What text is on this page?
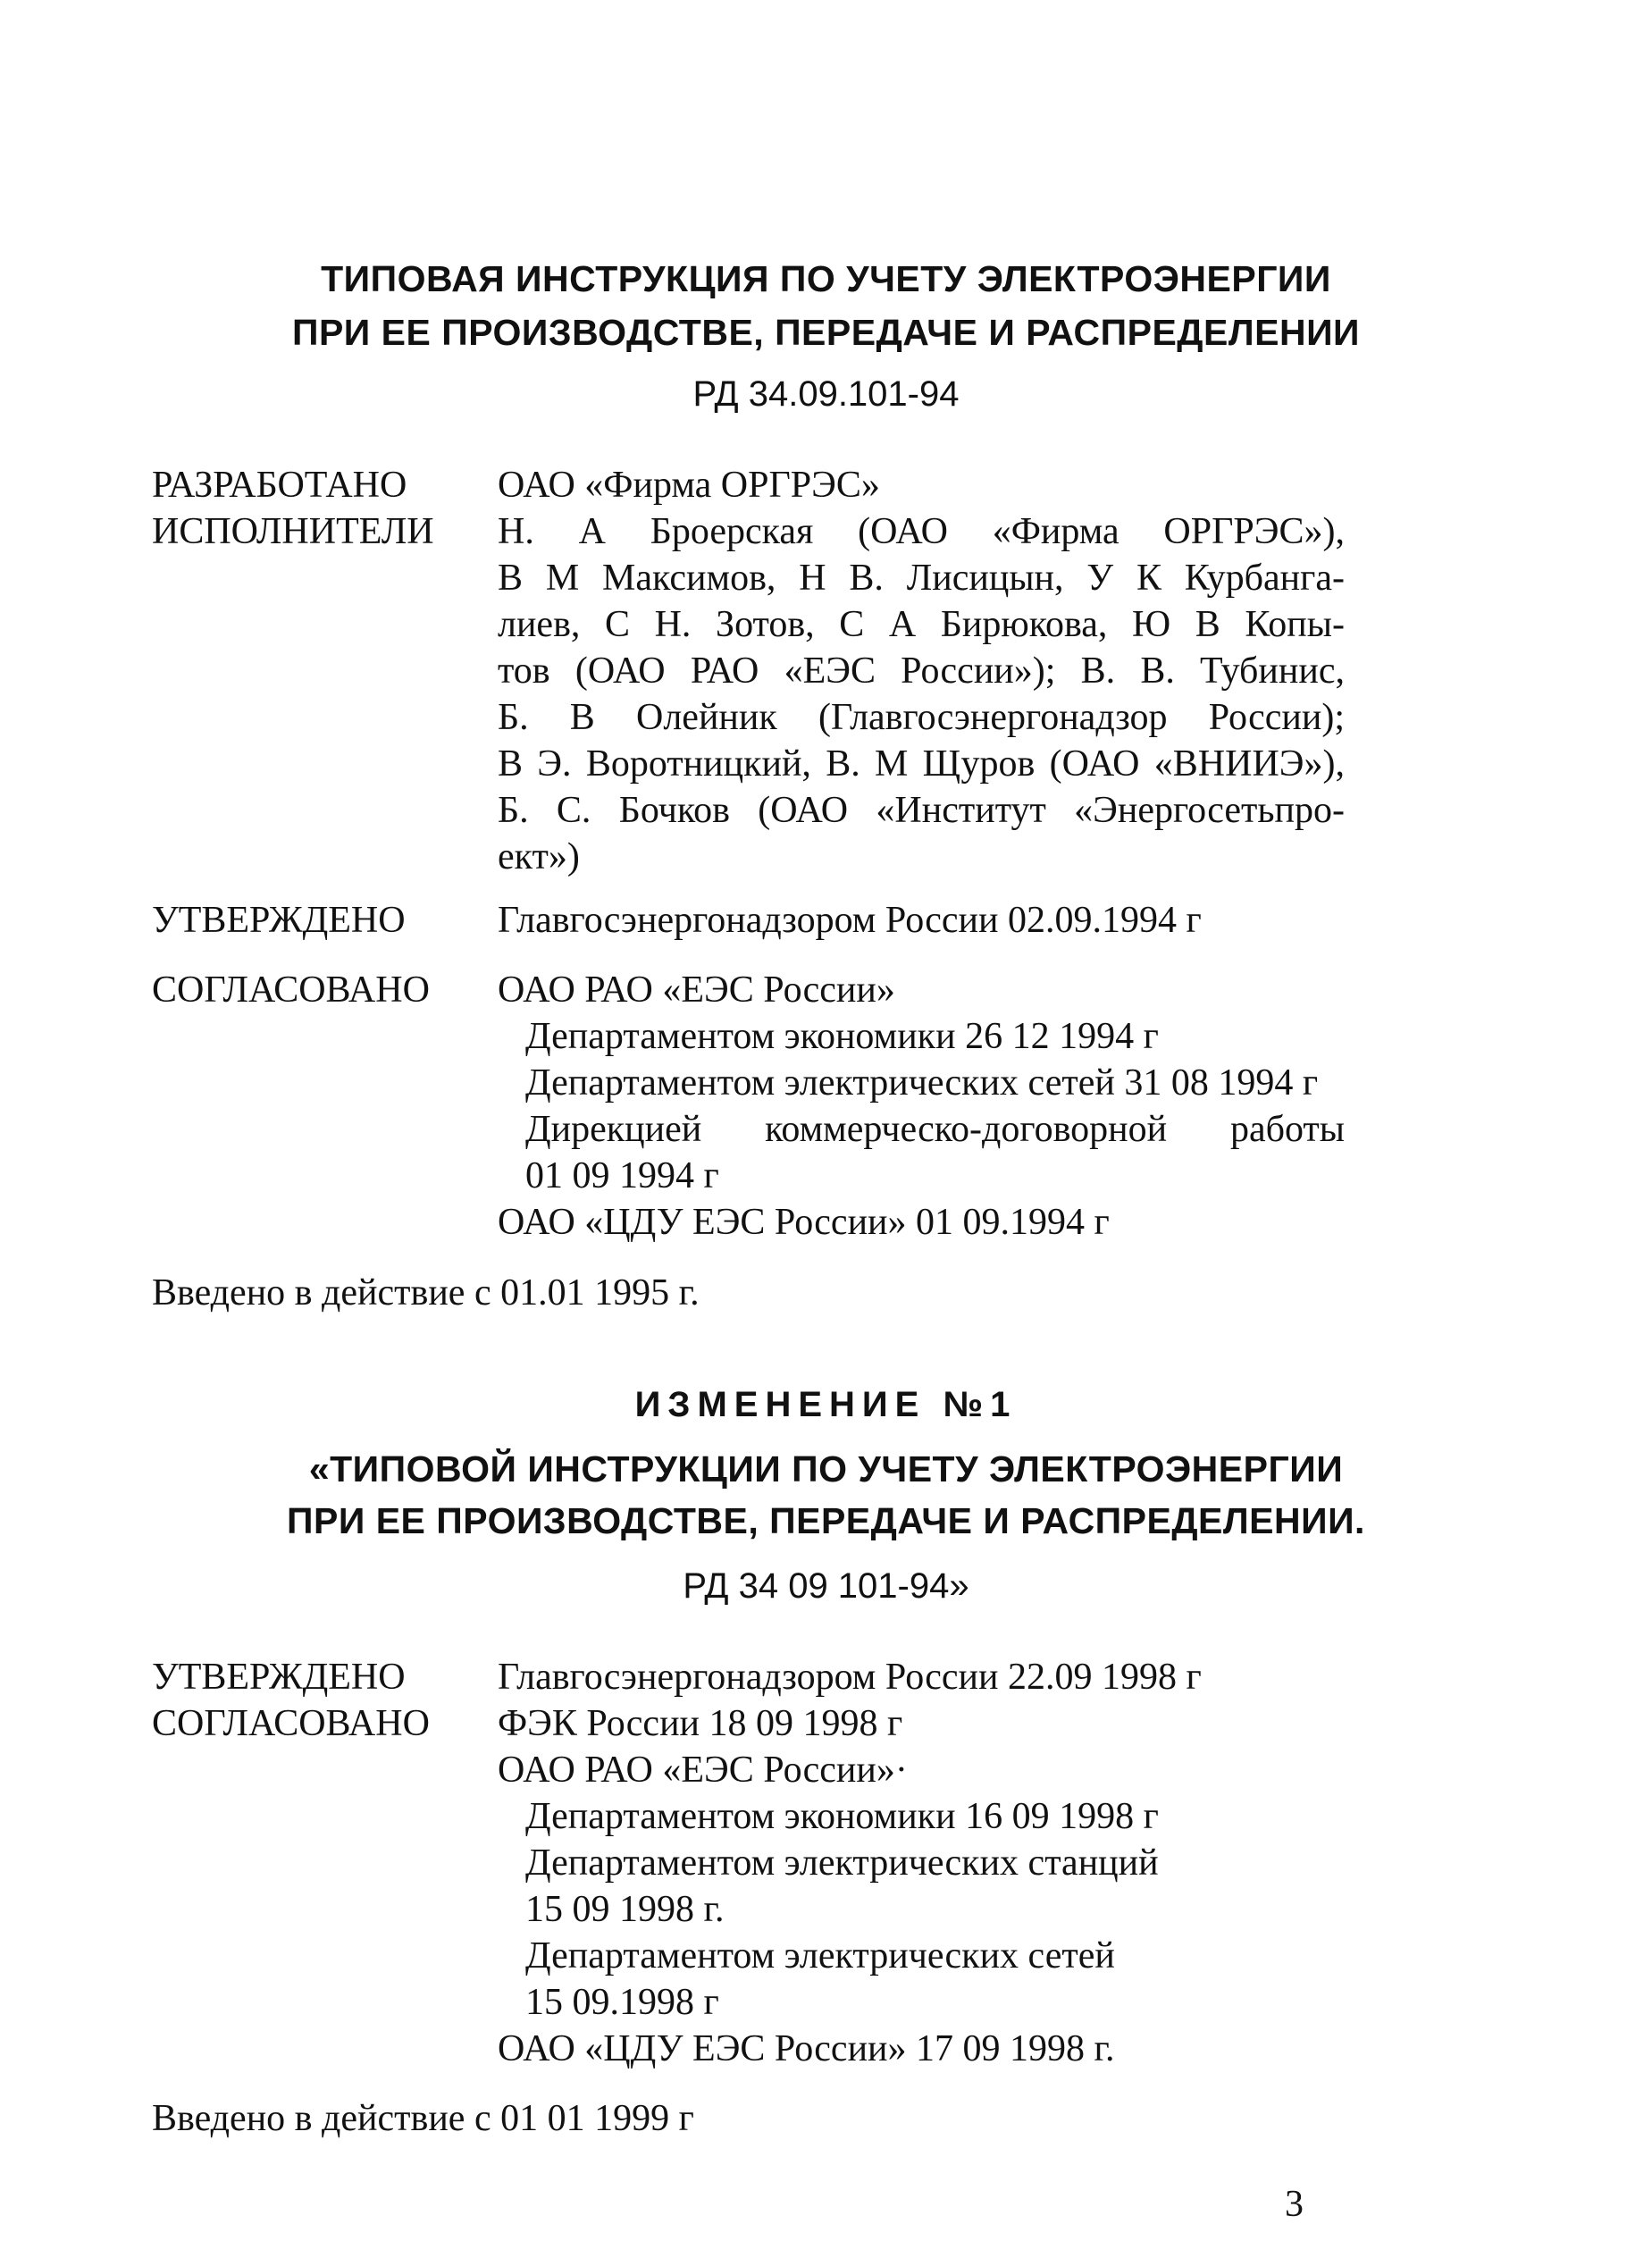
ТИПОВАЯ ИНСТРУКЦИЯ ПО УЧЕТУ ЭЛЕКТРОЭНЕРГИИ
ПРИ ЕЕ ПРОИЗВОДСТВЕ, ПЕРЕДАЧЕ И РАСПРЕДЕЛЕНИИ
РД 34.09.101-94
РАЗРАБОТАНО ОАО «Фирма ОРГРЭС»
ИСПОЛНИТЕЛИ Н. А Броерская (ОАО «Фирма ОРГРЭС»),
В М Максимов, Н В. Лисицын, У К Курбанга-
лиев, С Н. Зотов, С А Бирюкова, Ю В Копы-
тов (ОАО РАО «ЕЭС России»); В. В. Тубинис,
Б. В Олейник (Главгосэнергонадзор России);
В Э. Воротницкий, В. М Щуров (ОАО «ВНИИЭ»),
Б. С. Бочков (ОАО «Институт «Энергосетьпро-
ект»)
УТВЕРЖДЕНО Главгосэнергонадзором России 02.09.1994 г
СОГЛАСОВАНО ОАО РАО «ЕЭС России»
Департаментом экономики 26 12 1994 г
Департаментом электрических сетей 31 08 1994 г
Дирекцией коммерческо-договорной работы
01 09 1994 г
ОАО «ЦДУ ЕЭС России» 01 09.1994 г
Введено в действие с 01.01 1995 г.
ИЗМЕНЕНИЕ №1
«ТИПОВОЙ ИНСТРУКЦИИ ПО УЧЕТУ ЭЛЕКТРОЭНЕРГИИ
ПРИ ЕЕ ПРОИЗВОДСТВЕ, ПЕРЕДАЧЕ И РАСПРЕДЕЛЕНИИ.
РД 34 09 101-94»
УТВЕРЖДЕНО Главгосэнергонадзором России 22.09 1998 г
СОГЛАСОВАНО ФЭК России 18 09 1998 г
ОАО РАО «ЕЭС России»·
Департаментом экономики 16 09 1998 г
Департаментом электрических станций
15 09 1998 г.
Департаментом электрических сетей
15 09.1998 г
ОАО «ЦДУ ЕЭС России» 17 09 1998 г.
Введено в действие с 01 01 1999 г
3
